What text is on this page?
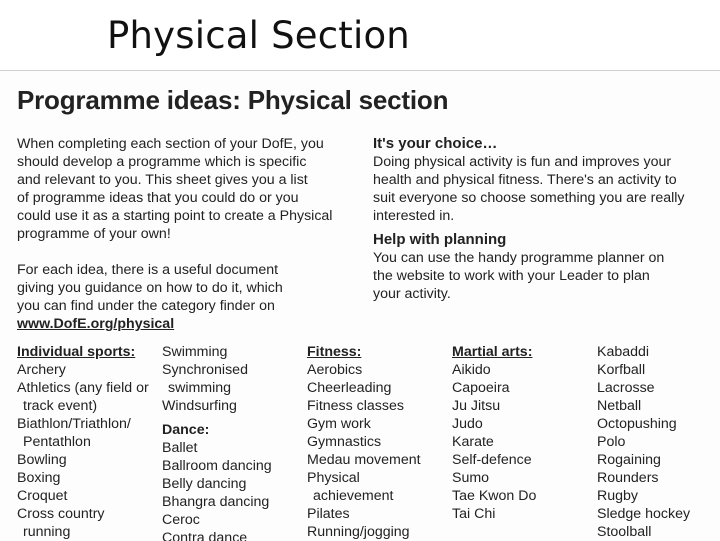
Physical Section
Programme ideas: Physical section

When completing each section of your DofE, you

should develop a programme which is specific

and relevant to you. This sheet gives you a list

of programme ideas that you could do or you

could use it as a starting point to create a Physical

programme of your own!

For each idea, there is a useful document

giving you guidance on how to do it, which

you can find under the category finder on

www.DofE.org/physical

It's your choice…

Doing physical activity is fun and improves your

health and physical fitness. There's an activity to

suit everyone so choose something you are really

interested in.

Help with planning

You can use the handy programme planner on

the website to work with your Leader to plan

your activity.

Individual sports:
Archery
Athletics (any field or
track event)
Biathlon/Triathlon/
Pentathlon
Bowling
Boxing
Croquet
Cross country
running
Swimming
Synchronised
swimming
Windsurfing
Dance:
Ballet
Ballroom dancing
Belly dancing
Bhangra dancing
Ceroc
Contra dance
Fitness:
Aerobics
Cheerleading
Fitness classes
Gym work
Gymnastics
Medau movement
Physical
achievement
Pilates
Running/jogging
Martial arts:
Aikido
Capoeira
Ju Jitsu
Judo
Karate
Self-defence
Sumo
Tae Kwon Do
Tai Chi
Kabaddi
Korfball
Lacrosse
Netball
Octopushing
Polo
Rogaining
Rounders
Rugby
Sledge hockey
Stoolball
